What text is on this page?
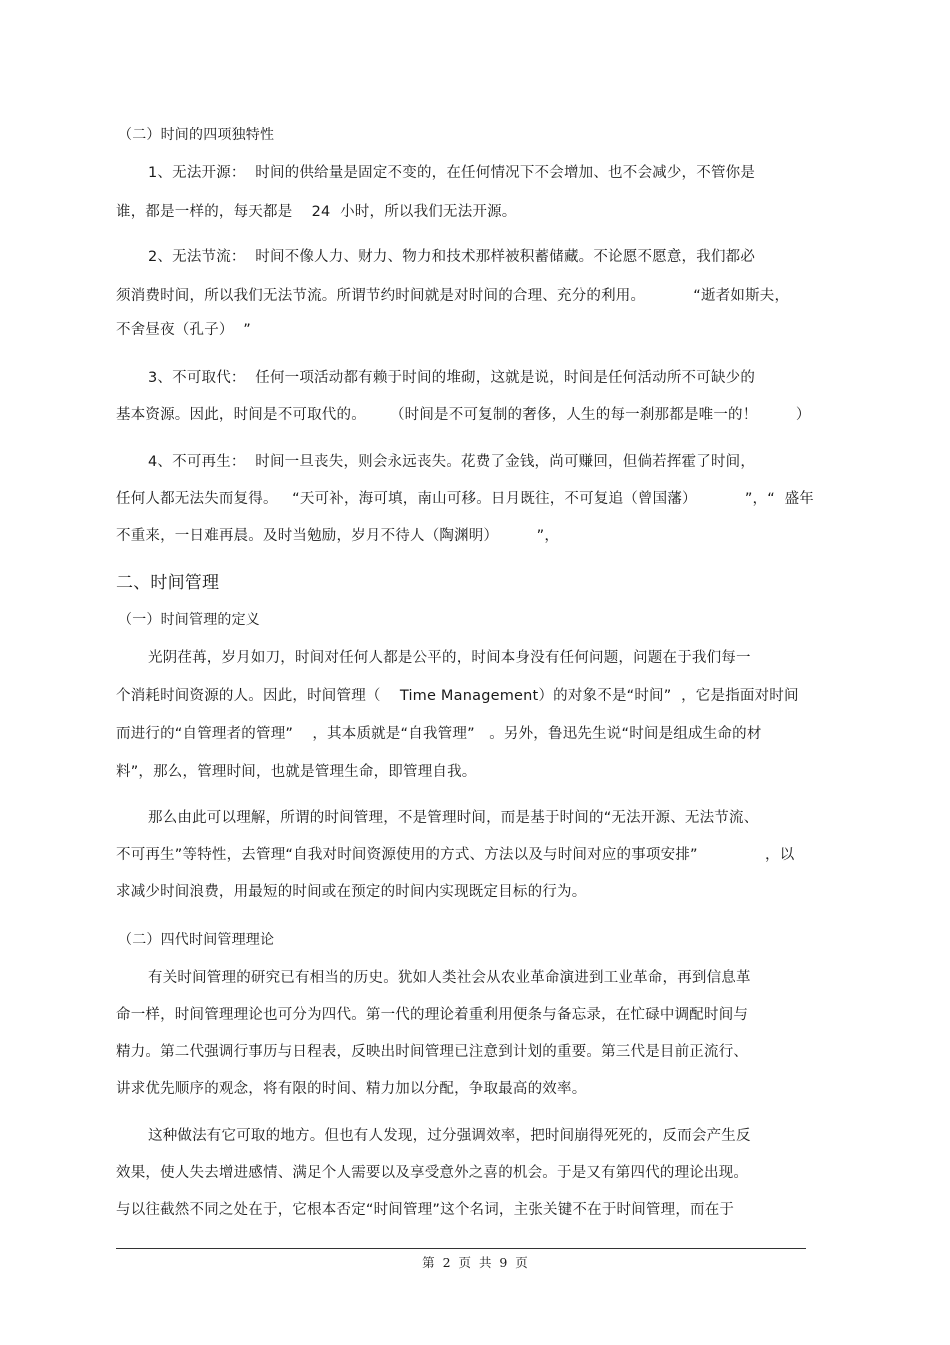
（二）时间的四项独特性
1、无法开源：  时间的供给量是固定不变的，在任何情况下不会增加、也不会减少，不管你是
谁，都是一样的，每天都是    24  小时，所以我们无法开源。
2、无法节流：  时间不像人力、财力、物力和技术那样被积蓄储藏。不论愿不愿意，我们都必
须消费时间，所以我们无法节流。所谓节约时间就是对时间的合理、充分的利用。          “逝者如斯夫，
不舍昼夜（孔子）  ”
3、不可取代：  任何一项活动都有赖于时间的堆砌，这就是说，时间是任何活动所不可缺少的
基本资源。因此，时间是不可取代的。     （时间是不可复制的奢侈，人生的每一刹那都是唯一的！        ）
4、不可再生：  时间一旦丧失，则会永远丧失。花费了金钱，尚可赚回，但倘若挥霍了时间，
任何人都无法失而复得。   “天可补，海可填，南山可移。日月既往，不可复追（曾国藩）          ”，“  盛年
不重来，一日难再晨。及时当勉励，岁月不待人（陶渊明）        ”，
二、时间管理
（一）时间管理的定义
光阴荏苒，岁月如刀，时间对任何人都是公平的，时间本身没有任何问题，问题在于我们每一
个消耗时间资源的人。因此，时间管理（    Time Management）的对象不是“时间”  ，它是指面对时间
而进行的“自管理者的管理”    ，其本质就是“自我管理”   。另外，鲁迅先生说“时间是组成生命的材
料”，那么，管理时间，也就是管理生命，即管理自我。
那么由此可以理解，所谓的时间管理，不是管理时间，而是基于时间的“无法开源、无法节流、
不可再生”等特性，去管理“自我对时间资源使用的方式、方法以及与时间对应的事项安排”              ，以
求减少时间浪费，用最短的时间或在预定的时间内实现既定目标的行为。
（二）四代时间管理理论
有关时间管理的研究已有相当的历史。犹如人类社会从农业革命演进到工业革命，再到信息革
命一样，时间管理理论也可分为四代。第一代的理论着重利用便条与备忘录，在忙碌中调配时间与
精力。第二代强调行事历与日程表，反映出时间管理已注意到计划的重要。第三代是目前正流行、
讲求优先顺序的观念，将有限的时间、精力加以分配，争取最高的效率。
这种做法有它可取的地方。但也有人发现，过分强调效率，把时间崩得死死的，反而会产生反
效果，使人失去增进感情、满足个人需要以及享受意外之喜的机会。于是又有第四代的理论出现。
与以往截然不同之处在于，它根本否定“时间管理”这个名词，主张关键不在于时间管理，而在于
第  2  页  共  9  页
